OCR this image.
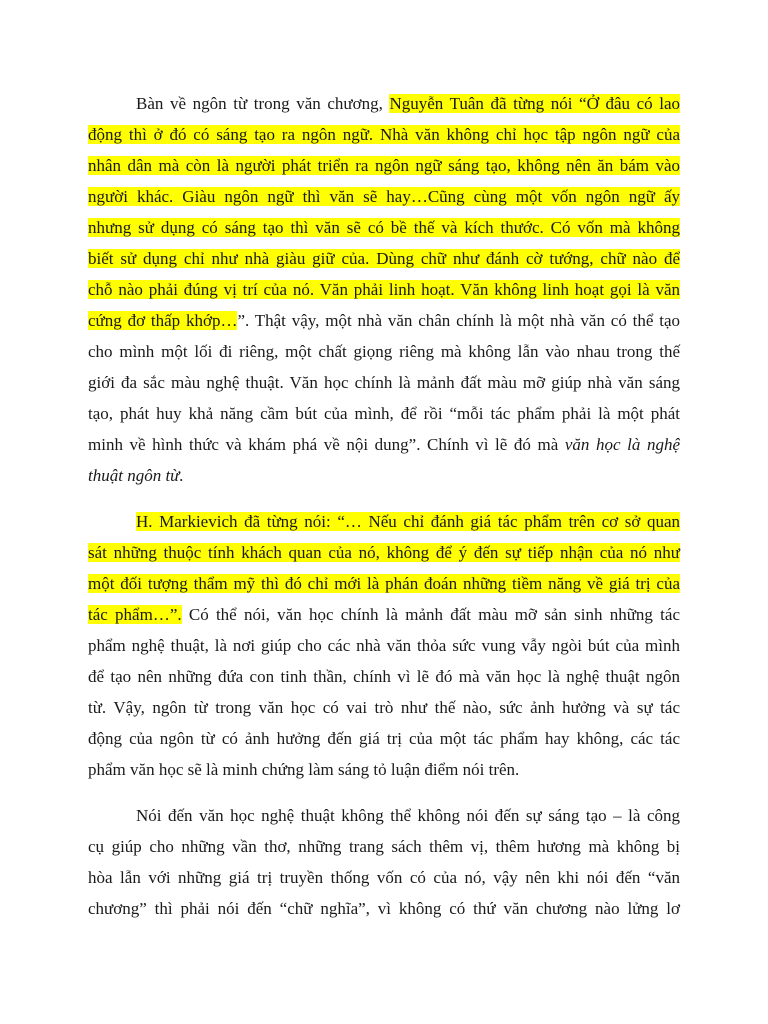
Bàn về ngôn từ trong văn chương, Nguyễn Tuân đã từng nói “Ở đâu có lao
động thì ở đó có sáng tạo ra ngôn ngữ. Nhà văn không chỉ học tập ngôn ngữ của
nhân dân mà còn là người phát triển ra ngôn ngữ sáng tạo, không nên ăn bám vào
người khác. Giàu ngôn ngữ thì văn sẽ hay…Cũng cùng một vốn ngôn ngữ ấy
nhưng sử dụng có sáng tạo thì văn sẽ có bề thế và kích thước. Có vốn mà không
biết sử dụng chỉ như nhà giàu giữ của. Dùng chữ như đánh cờ tướng, chữ nào để
chỗ nào phải đúng vị trí của nó. Văn phải linh hoạt. Văn không linh hoạt gọi là văn
cứng đơ thấp khớp…”. Thật vậy, một nhà văn chân chính là một nhà văn có thể tạo
cho mình một lối đi riêng, một chất giọng riêng mà không lẫn vào nhau trong thế
giới đa sắc màu nghệ thuật. Văn học chính là mảnh đất màu mỡ giúp nhà văn sáng
tạo, phát huy khả năng cầm bút của mình, để rồi “mỗi tác phẩm phải là một phát
minh về hình thức và khám phá về nội dung”. Chính vì lẽ đó mà văn học là nghệ
thuật ngôn từ.
H. Markievich đã từng nói: “… Nếu chỉ đánh giá tác phẩm trên cơ sở quan
sát những thuộc tính khách quan của nó, không để ý đến sự tiếp nhận của nó như
một đối tượng thẩm mỹ thì đó chỉ mới là phán đoán những tiềm năng về giá trị của
tác phẩm…”. Có thể nói, văn học chính là mảnh đất màu mỡ sản sinh những tác
phẩm nghệ thuật, là nơi giúp cho các nhà văn thỏa sức vung vẫy ngòi bút của mình
để tạo nên những đứa con tinh thần, chính vì lẽ đó mà văn học là nghệ thuật ngôn
từ. Vậy, ngôn từ trong văn học có vai trò như thế nào, sức ảnh hưởng và sự tác
động của ngôn từ có ảnh hưởng đến giá trị của một tác phẩm hay không, các tác
phẩm văn học sẽ là minh chứng làm sáng tỏ luận điểm nói trên.
Nói đến văn học nghệ thuật không thể không nói đến sự sáng tạo – là công
cụ giúp cho những vần thơ, những trang sách thêm vị, thêm hương mà không bị
hòa lẫn với những giá trị truyền thống vốn có của nó, vậy nên khi nói đến “văn
chương” thì phải nói đến “chữ nghĩa”, vì không có thứ văn chương nào lửng lơ
